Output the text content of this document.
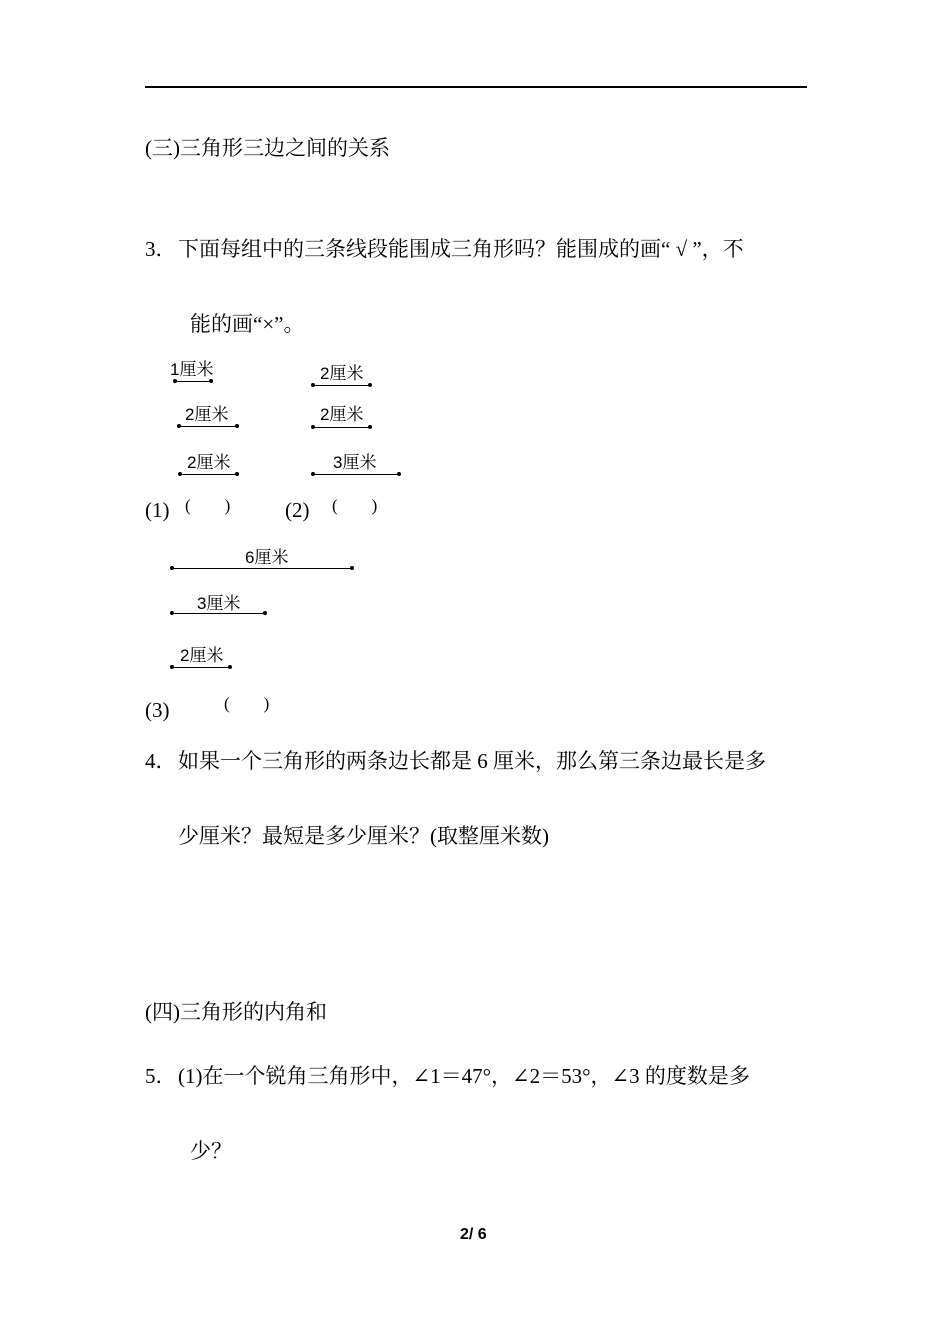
(三)三角形三边之间的关系
3． 下面每组中的三条线段能围成三角形吗？能围成的画“ √ ”，不
能的画“×”。
1厘米
2厘米
2厘米
2厘米
2厘米
3厘米
(1) (　　)	(2) (　　)
6厘米
3厘米
2厘米
(3)	(　　)
4． 如果一个三角形的两条边长都是 6 厘米，那么第三条边最长是多
少厘米？最短是多少厘米？(取整厘米数)
(四)三角形的内角和
5． (1)在一个锐角三角形中，∠1＝47°，∠2＝53°，∠3 的度数是多
少？
2/ 6
